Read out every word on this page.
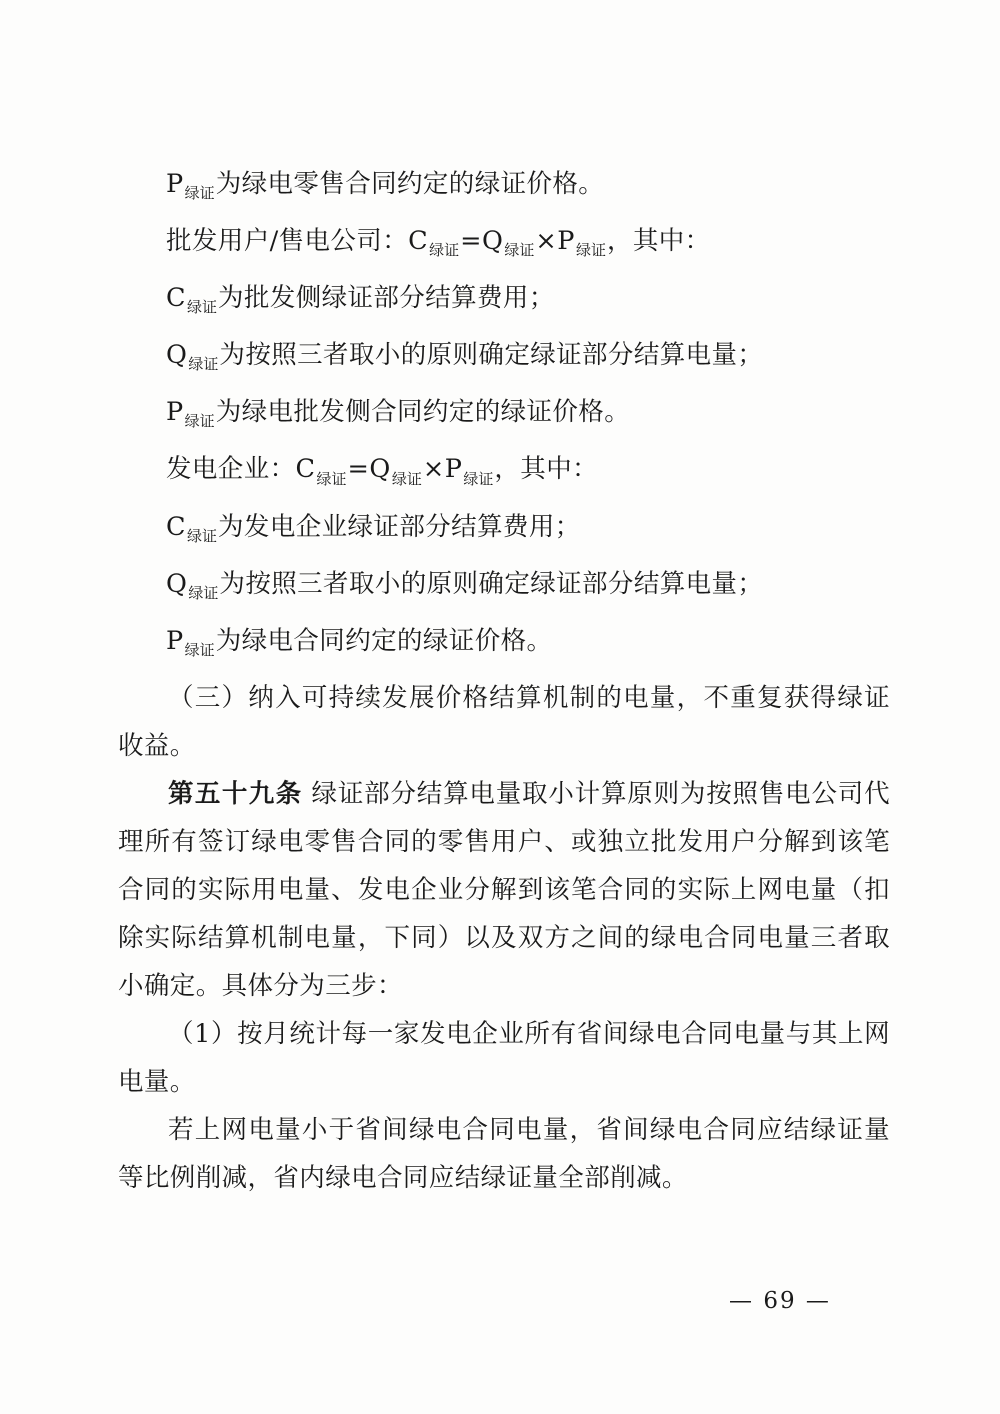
$P_{绿证}$为绿电零售合同约定的绿证价格。

批发用户/售电公司：$C_{绿证}=Q_{绿证}\times P_{绿证}$，其中：

$C_{绿证}$为批发侧绿证部分结算费用；

$Q_{绿证}$为按照三者取小的原则确定绿证部分结算电量；

$P_{绿证}$为绿电批发侧合同约定的绿证价格。

发电企业：$C_{绿证}=Q_{绿证}\times P_{绿证}$，其中：

$C_{绿证}$为发电企业绿证部分结算费用；

$Q_{绿证}$为按照三者取小的原则确定绿证部分结算电量；

$P_{绿证}$为绿电合同约定的绿证价格。

（三）纳入可持续发展价格结算机制的电量，不重复获得绿证收益。

第五十九条 绿证部分结算电量取小计算原则为按照售电公司代理所有签订绿电零售合同的零售用户、或独立批发用户分解到该笔合同的实际用电量、发电企业分解到该笔合同的实际上网电量（扣除实际结算机制电量，下同）以及双方之间的绿电合同电量三者取小确定。具体分为三步：

（1）按月统计每一家发电企业所有省间绿电合同电量与其上网电量。

若上网电量小于省间绿电合同电量，省间绿电合同应结绿证量等比例削减，省内绿电合同应结绿证量全部削减。

— 69 —
